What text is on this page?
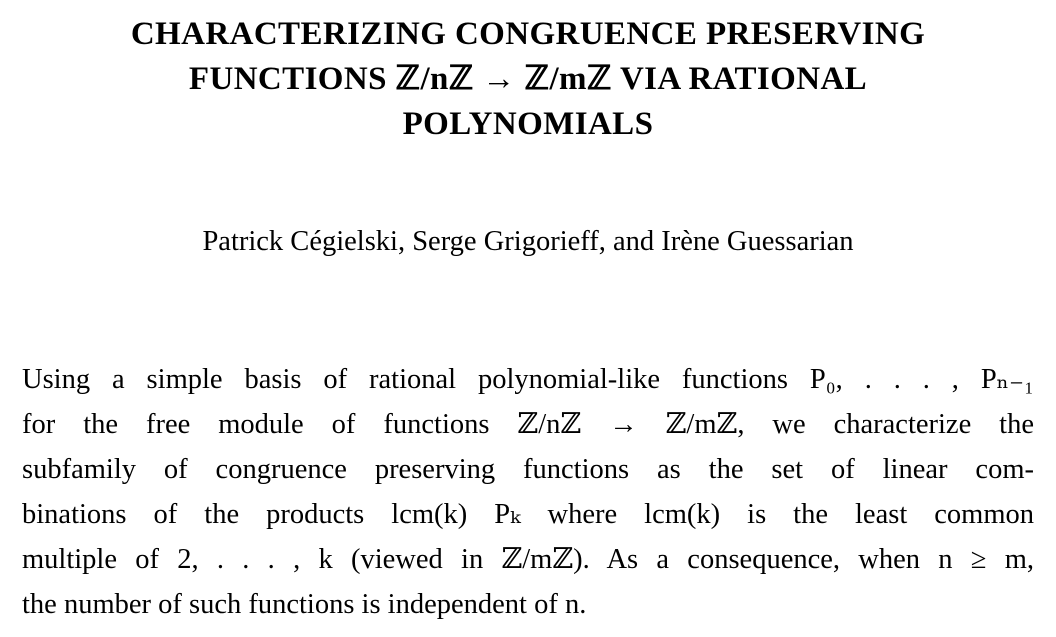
CHARACTERIZING CONGRUENCE PRESERVING
FUNCTIONS ℤ/nℤ → ℤ/mℤ VIA RATIONAL
POLYNOMIALS
Patrick Cégielski, Serge Grigorieff, and Irène Guessarian
Using a simple basis of rational polynomial-like functions P₀, . . . , Pₙ₋₁
for the free module of functions ℤ/nℤ → ℤ/mℤ, we characterize the
subfamily of congruence preserving functions as the set of linear com-
binations of the products lcm(k) Pₖ where lcm(k) is the least common
multiple of 2, . . . , k (viewed in ℤ/mℤ). As a consequence, when n ≥ m,
the number of such functions is independent of n.
